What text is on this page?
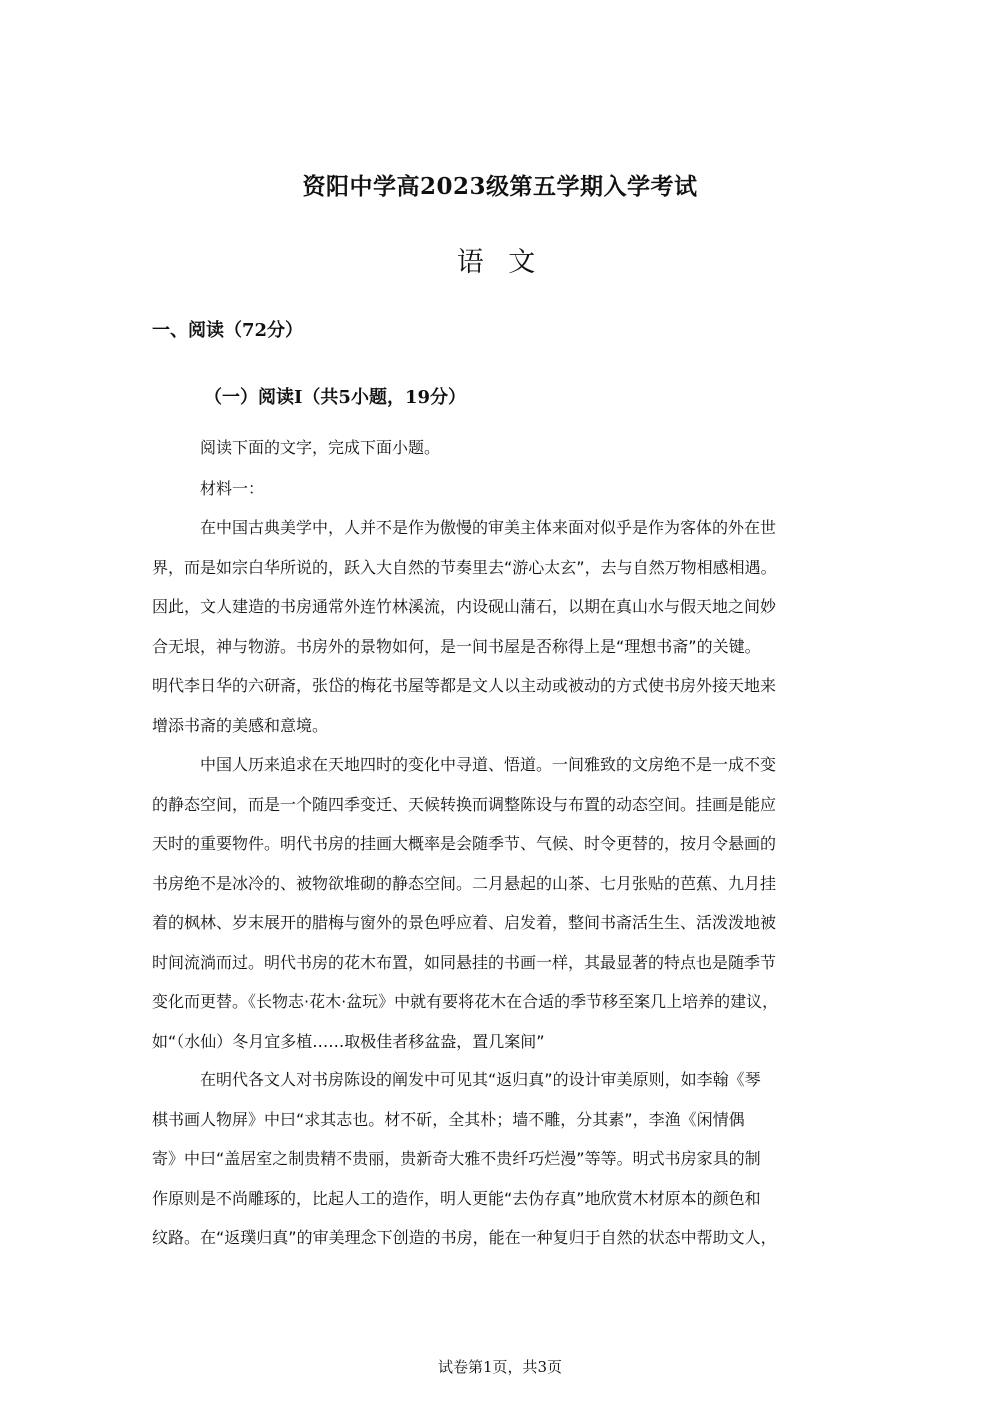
资阳中学高2023级第五学期入学考试
语 文
一、阅读（72分）
（一）阅读I（共5小题，19分）
阅读下面的文字，完成下面小题。
材料一：
在中国古典美学中，人并不是作为傲慢的审美主体来面对似乎是作为客体的外在世
界，而是如宗白华所说的，跃入大自然的节奏里去“游心太玄”，去与自然万物相感相遇。
因此，文人建造的书房通常外连竹林溪流，内设砚山蒲石，以期在真山水与假天地之间妙
合无垠，神与物游。书房外的景物如何，是一间书屋是否称得上是“理想书斋”的关键。
明代李日华的六研斋，张岱的梅花书屋等都是文人以主动或被动的方式使书房外接天地来
增添书斋的美感和意境。
中国人历来追求在天地四时的变化中寻道、悟道。一间雅致的文房绝不是一成不变
的静态空间，而是一个随四季变迁、天候转换而调整陈设与布置的动态空间。挂画是能应
天时的重要物件。明代书房的挂画大概率是会随季节、气候、时令更替的，按月令悬画的
书房绝不是冰冷的、被物欲堆砌的静态空间。二月悬起的山茶、七月张贴的芭蕉、九月挂
着的枫林、岁末展开的腊梅与窗外的景色呼应着、启发着，整间书斋活生生、活泼泼地被
时间流淌而过。明代书房的花木布置，如同悬挂的书画一样，其最显著的特点也是随季节
变化而更替。《长物志·花木·盆玩》中就有要将花木在合适的季节移至案几上培养的建议，
如“（水仙）冬月宜多植……取极佳者移盆盎，置几案间”
在明代各文人对书房陈设的阐发中可见其“返归真”的设计审美原则，如李翰《琴
棋书画人物屏》中曰“求其志也。材不斫，全其朴；墙不雕，分其素”，李渔《闲情偶
寄》中曰“盖居室之制贵精不贵丽，贵新奇大雅不贵纤巧烂漫”等等。明式书房家具的制
作原则是不尚雕琢的，比起人工的造作，明人更能“去伪存真”地欣赏木材原本的颜色和
纹路。在“返璞归真”的审美理念下创造的书房，能在一种复归于自然的状态中帮助文人，
试卷第1页，共3页
